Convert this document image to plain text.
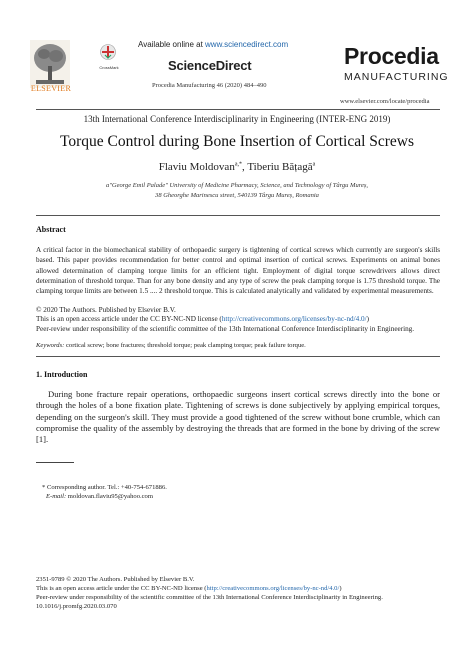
ELSEVIER
CrossMark
Available online at www.sciencedirect.com
ScienceDirect
Procedia Manufacturing 46 (2020) 484–490
Procedia
MANUFACTURING
www.elsevier.com/locate/procedia
13th International Conference Interdisciplinarity in Engineering (INTER-ENG 2019)
Torque Control during Bone Insertion of Cortical Screws
Flaviu Moldovan$^{a,*}$, Tiberiu Bățagă$^a$
a"George Emil Palade" University of Medicine Pharmacy, Science, and Technology of Târgu Mureș,
38 Gheorghe Marinescu street, 540139 Târgu Mureș, Romania
Abstract
A critical factor in the biomechanical stability of orthopaedic surgery is tightening of cortical screws which currently are surgeon's skills based. This paper provides recommendation for better control and optimal insertion of cortical screws. Experiments on animal bones allowed determination of clamping torque limits for an efficient tight. Employment of digital torque screwdrivers allows direct determination of threshold torque. Than for any bone density and any type of screw the peak clamping torque is 1.75 threshold torque. The clamping torque limits are between 1.5 .... 2 threshold torque. This is calculated analytically and validated by experimental measurements.
© 2020 The Authors. Published by Elsevier B.V.
This is an open access article under the CC BY-NC-ND license (http://creativecommons.org/licenses/by-nc-nd/4.0/)
Peer-review under responsibility of the scientific committee of the 13th International Conference Interdisciplinarity in Engineering.
Keywords: cortical screw; bone fractures; threshold torque; peak clamping torque; peak failure torque.
1. Introduction
During bone fracture repair operations, orthopaedic surgeons insert cortical screws directly into the bone or through the holes of a bone fixation plate. Tightening of screws is done subjectively by applying empirical torques, depending on the surgeon's skill. They must provide a good tightened of the screw without bone crumble, which can compromise the quality of the assembly by destroying the threads that are formed in the bone by driving of the screw [1].
* Corresponding author. Tel.: +40-754-671886.
E-mail: moldovan.flaviu95@yahoo.com
2351-9789 © 2020 The Authors. Published by Elsevier B.V.
This is an open access article under the CC BY-NC-ND license (http://creativecommons.org/licenses/by-nc-nd/4.0/)
Peer-review under responsibility of the scientific committee of the 13th International Conference Interdisciplinarity in Engineering.
10.1016/j.promfg.2020.03.070
